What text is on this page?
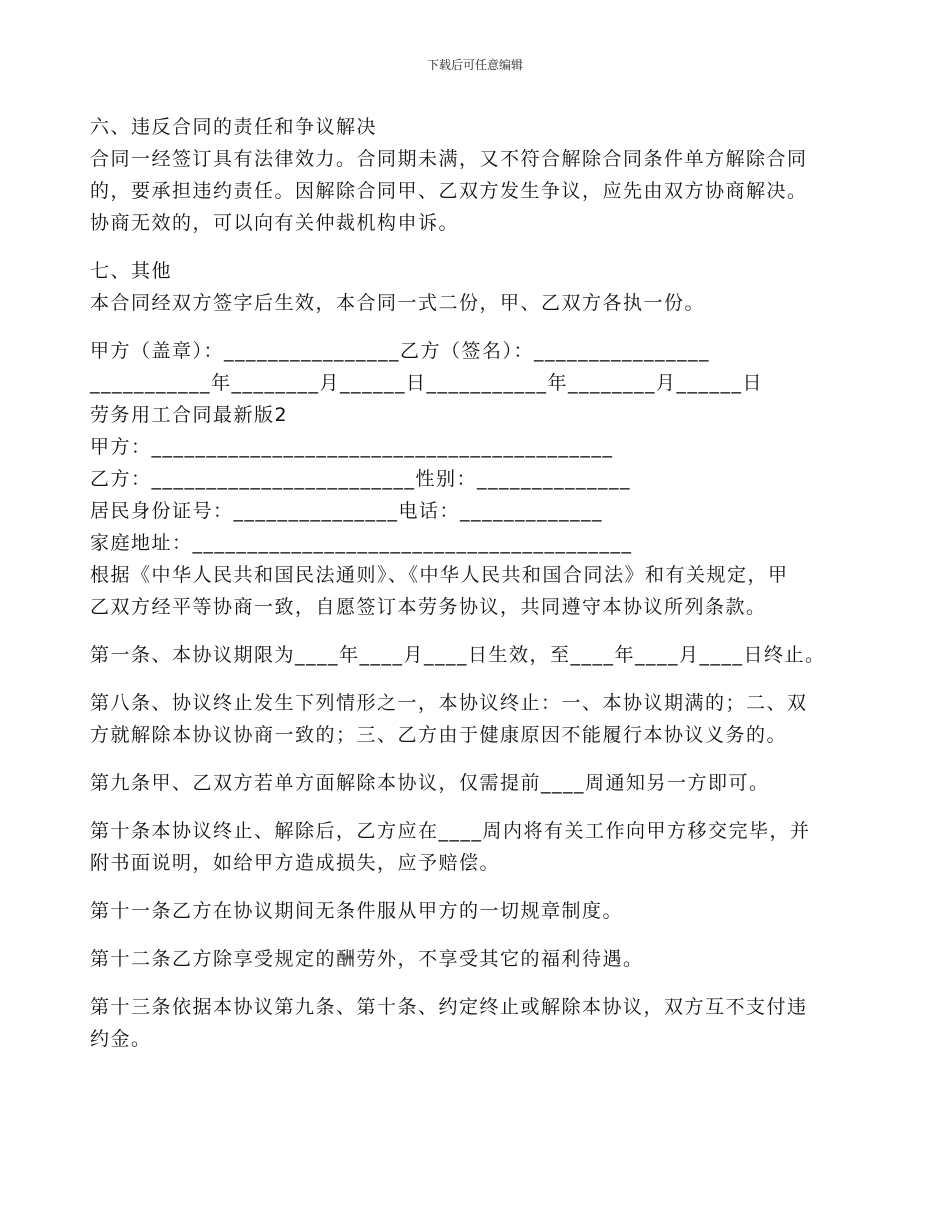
下载后可任意编辑
六、违反合同的责任和争议解决
合同一经签订具有法律效力。合同期未满，又不符合解除合同条件单方解除合同
的，要承担违约责任。因解除合同甲、乙双方发生争议，应先由双方协商解决。
协商无效的，可以向有关仲裁机构申诉。
七、其他
本合同经双方签字后生效，本合同一式二份，甲、乙双方各执一份。
甲方（盖章）：________________乙方（签名）：________________
___________年________月______日___________年________月______日
劳务用工合同最新版2
甲方：__________________________________________
乙方：________________________性别：______________
居民身份证号：_______________电话：_____________
家庭地址：________________________________________
根据《中华人民共和国民法通则》、《中华人民共和国合同法》和有关规定，甲
乙双方经平等协商一致，自愿签订本劳务协议，共同遵守本协议所列条款。
第一条、本协议期限为____年____月____日生效，至____年____月____日终止。
第八条、协议终止发生下列情形之一，本协议终止：一、本协议期满的；二、双
方就解除本协议协商一致的；三、乙方由于健康原因不能履行本协议义务的。
第九条甲、乙双方若单方面解除本协议，仅需提前____周通知另一方即可。
第十条本协议终止、解除后，乙方应在____周内将有关工作向甲方移交完毕，并
附书面说明，如给甲方造成损失，应予赔偿。
第十一条乙方在协议期间无条件服从甲方的一切规章制度。
第十二条乙方除享受规定的酬劳外，不享受其它的福利待遇。
第十三条依据本协议第九条、第十条、约定终止或解除本协议，双方互不支付违
约金。
